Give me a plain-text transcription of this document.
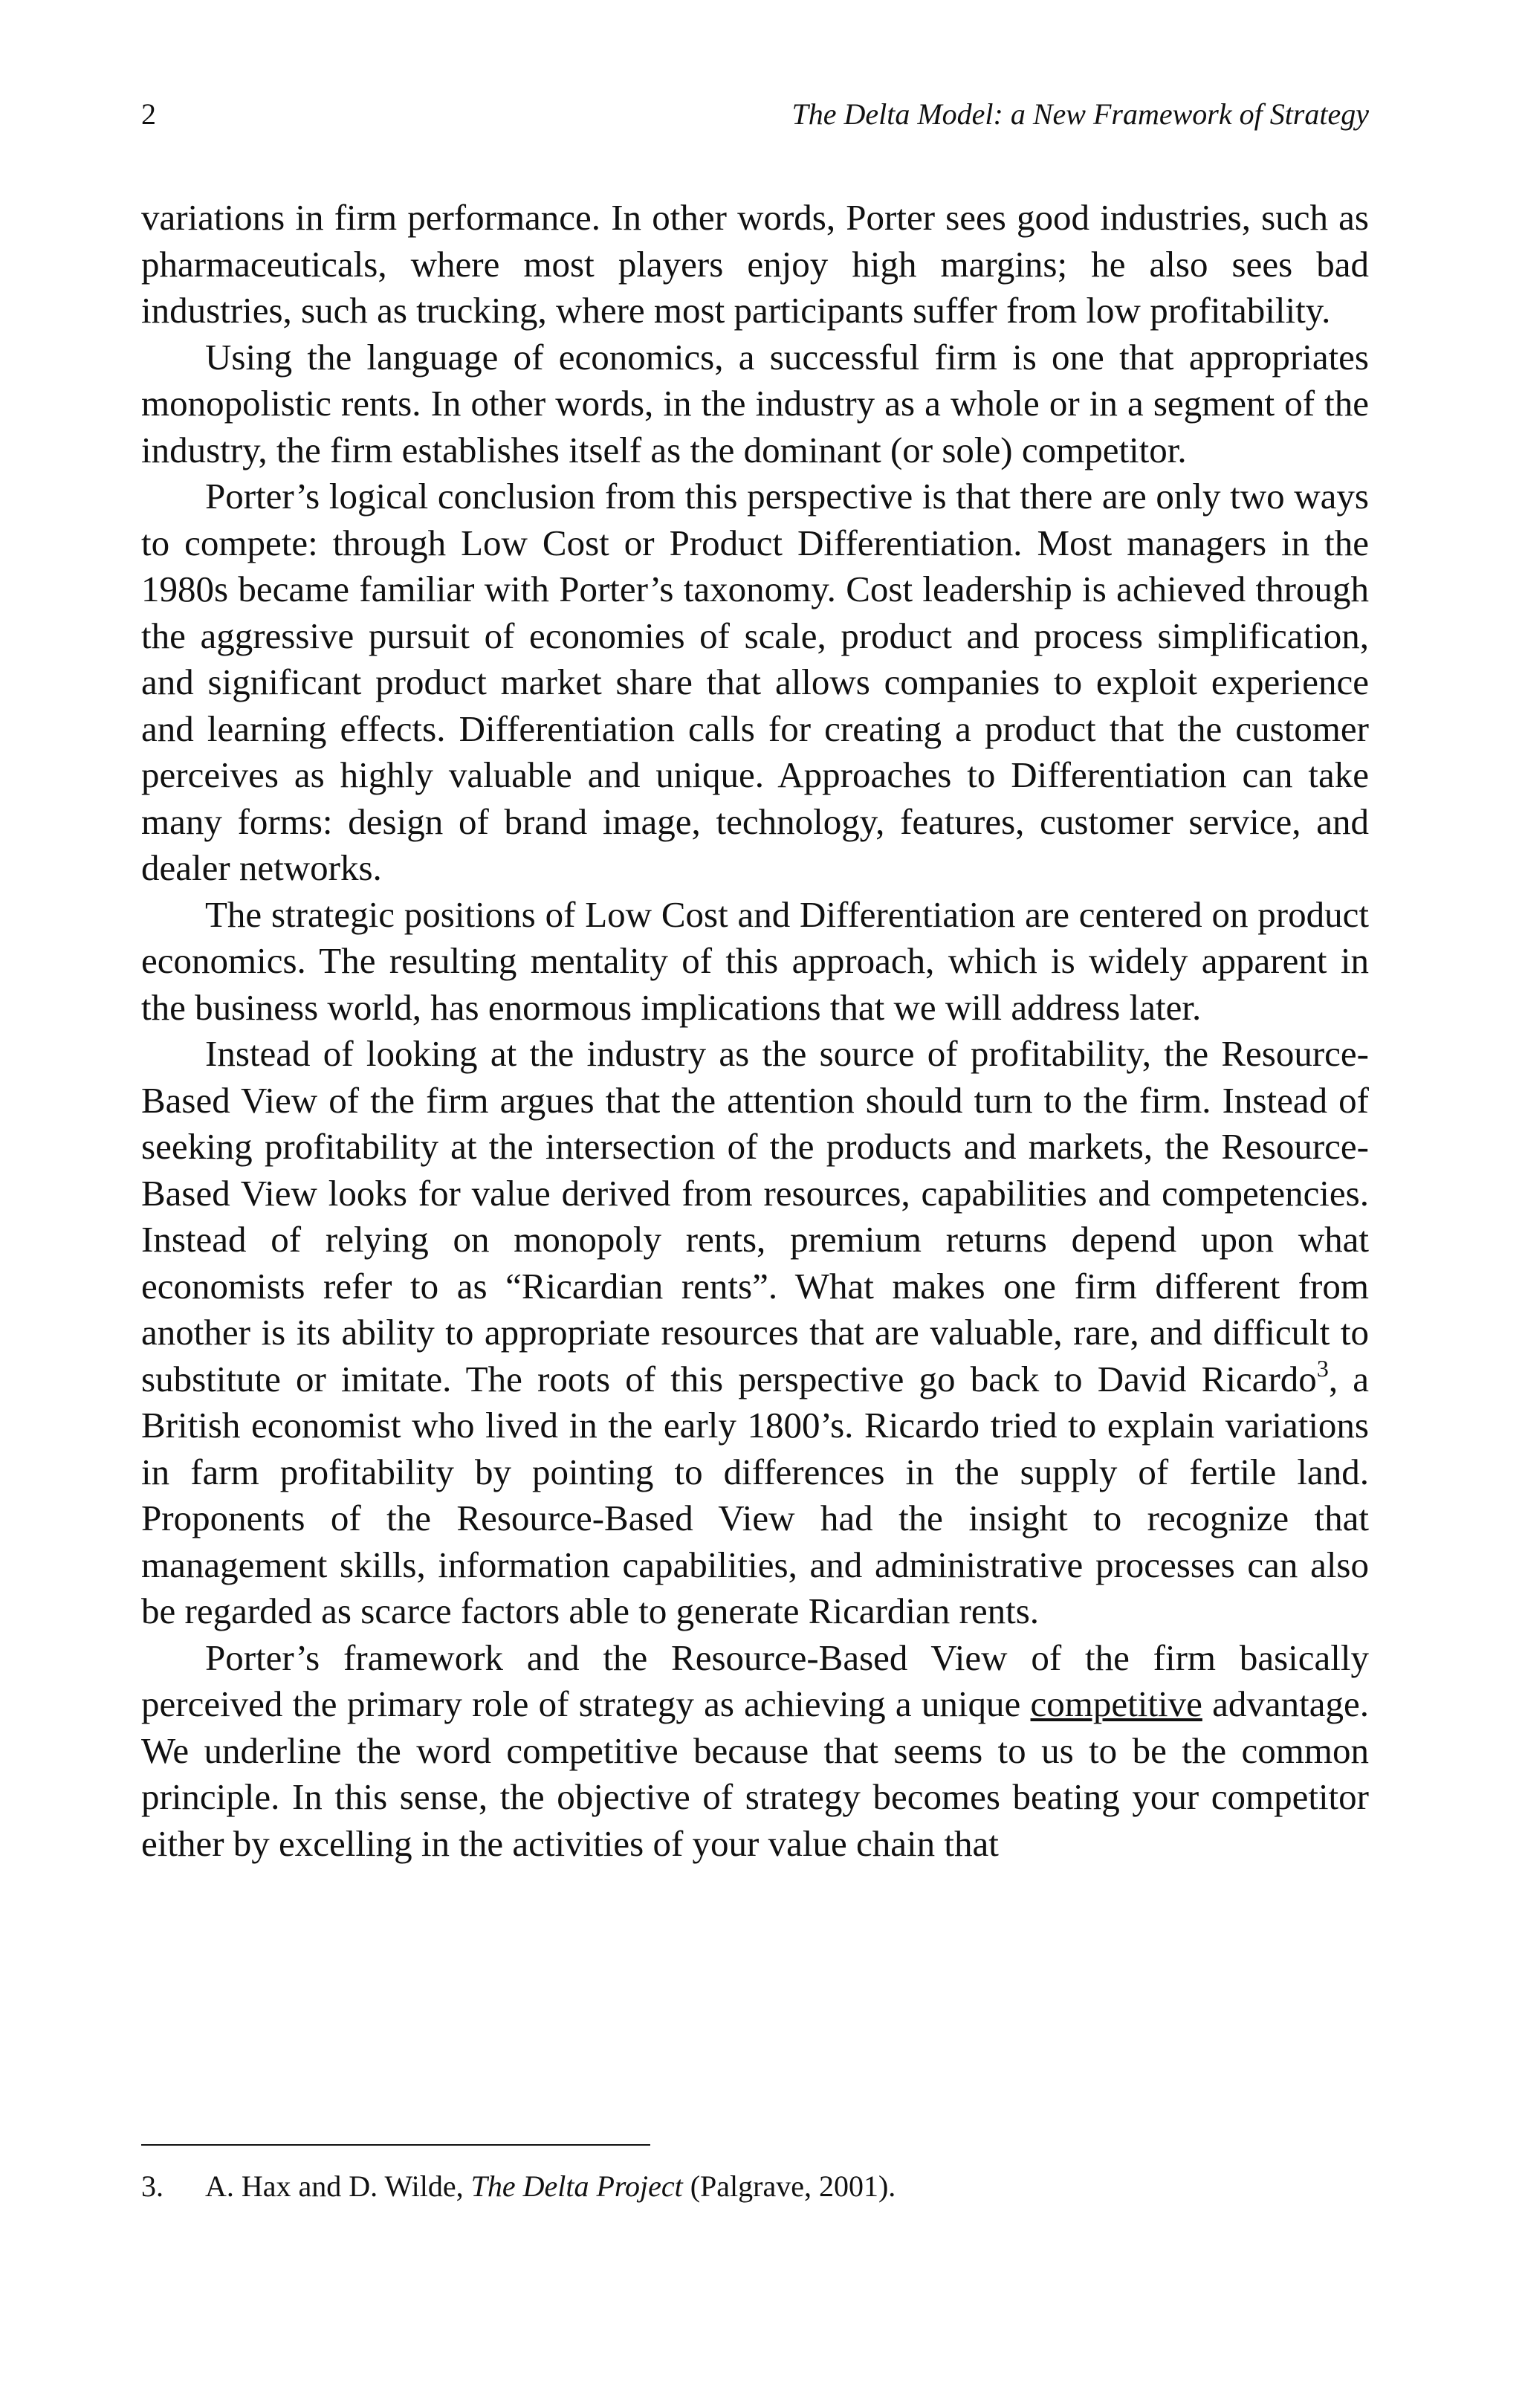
2	The Delta Model: a New Framework of Strategy

variations in firm performance. In other words, Porter sees good industries, such as pharmaceuticals, where most players enjoy high margins; he also sees bad industries, such as trucking, where most participants suffer from low profitability.

Using the language of economics, a successful firm is one that appropriates monopolistic rents. In other words, in the industry as a whole or in a segment of the industry, the firm establishes itself as the dominant (or sole) competitor.

Porter’s logical conclusion from this perspective is that there are only two ways to compete: through Low Cost or Product Differentiation. Most managers in the 1980s became familiar with Porter’s taxonomy. Cost leadership is achieved through the aggressive pursuit of economies of scale, product and process simplification, and significant product market share that allows companies to exploit experience and learning effects. Differentiation calls for creating a product that the customer perceives as highly valuable and unique. Approaches to Differentiation can take many forms: design of brand image, technology, features, customer service, and dealer networks.

The strategic positions of Low Cost and Differentiation are centered on product economics. The resulting mentality of this approach, which is widely apparent in the business world, has enormous implications that we will address later.

Instead of looking at the industry as the source of profitability, the Resource-Based View of the firm argues that the attention should turn to the firm. Instead of seeking profitability at the intersection of the products and markets, the Resource-Based View looks for value derived from resources, capabilities and competencies. Instead of relying on monopoly rents, premium returns depend upon what economists refer to as “Ricardian rents”. What makes one firm different from another is its ability to appropriate resources that are valuable, rare, and difficult to substitute or imitate. The roots of this perspective go back to David Ricardo$^3$, a British economist who lived in the early 1800’s. Ricardo tried to explain variations in farm profitability by pointing to differences in the supply of fertile land. Proponents of the Resource-Based View had the insight to recognize that management skills, information capabilities, and administrative processes can also be regarded as scarce factors able to generate Ricardian rents.

Porter’s framework and the Resource-Based View of the firm basically perceived the primary role of strategy as achieving a unique competitive advantage. We underline the word competitive because that seems to us to be the common principle. In this sense, the objective of strategy becomes beating your competitor either by excelling in the activities of your value chain that

3. A. Hax and D. Wilde, The Delta Project (Palgrave, 2001).
